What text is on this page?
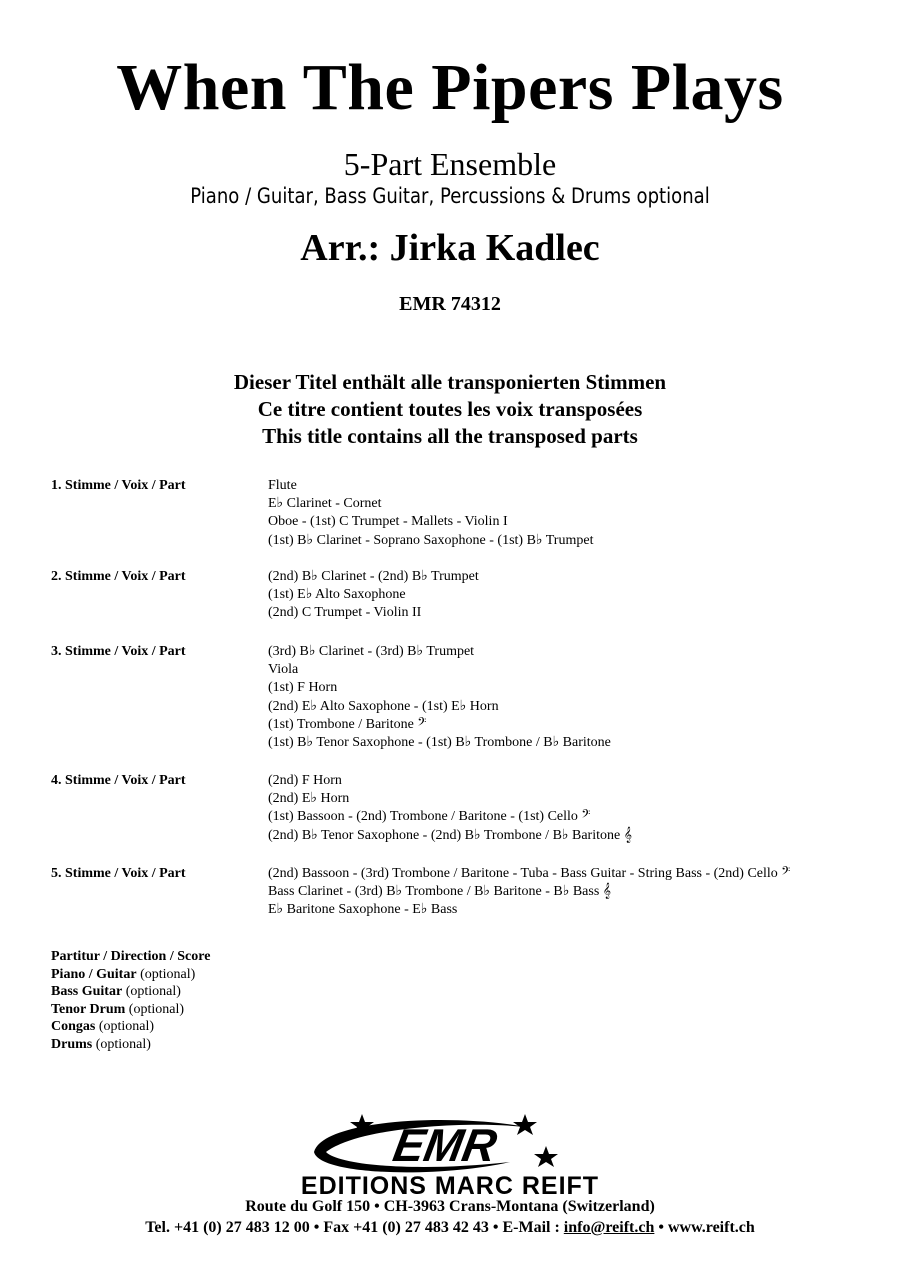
When The Pipers Plays
5-Part Ensemble
Piano / Guitar, Bass Guitar, Percussions & Drums optional
Arr.: Jirka Kadlec
EMR 74312
Dieser Titel enthält alle transponierten Stimmen
Ce titre contient toutes les voix transposées
This title contains all the transposed parts
1. Stimme / Voix / Part	Flute
E♭ Clarinet - Cornet
Oboe - (1st) C Trumpet - Mallets - Violin I
(1st) B♭ Clarinet - Soprano Saxophone - (1st) B♭ Trumpet
2. Stimme / Voix / Part	(2nd) B♭ Clarinet - (2nd) B♭ Trumpet
(1st) E♭ Alto Saxophone
(2nd) C Trumpet - Violin II
3. Stimme / Voix / Part	(3rd) B♭ Clarinet - (3rd) B♭ Trumpet
Viola
(1st) F Horn
(2nd) E♭ Alto Saxophone - (1st) E♭ Horn
(1st) Trombone / Baritone 𝄢
(1st) B♭ Tenor Saxophone - (1st) B♭ Trombone / B♭ Baritone
4. Stimme / Voix / Part	(2nd) F Horn
(2nd) E♭ Horn
(1st) Bassoon - (2nd) Trombone / Baritone - (1st) Cello 𝄢
(2nd) B♭ Tenor Saxophone - (2nd) B♭ Trombone / B♭ Baritone 𝄞
5. Stimme / Voix / Part	(2nd) Bassoon - (3rd) Trombone / Baritone - Tuba - Bass Guitar - String Bass - (2nd) Cello 𝄢
Bass Clarinet - (3rd) B♭ Trombone / B♭ Baritone - B♭ Bass 𝄞
E♭ Baritone Saxophone - E♭ Bass
Partitur / Direction / Score
Piano / Guitar (optional)
Bass Guitar (optional)
Tenor Drum (optional)
Congas (optional)
Drums (optional)
EMR
EDITIONS MARC REIFT
Route du Golf 150 • CH-3963 Crans-Montana (Switzerland)
Tel. +41 (0) 27 483 12 00 • Fax +41 (0) 27 483 42 43 • E-Mail : info@reift.ch • www.reift.ch
